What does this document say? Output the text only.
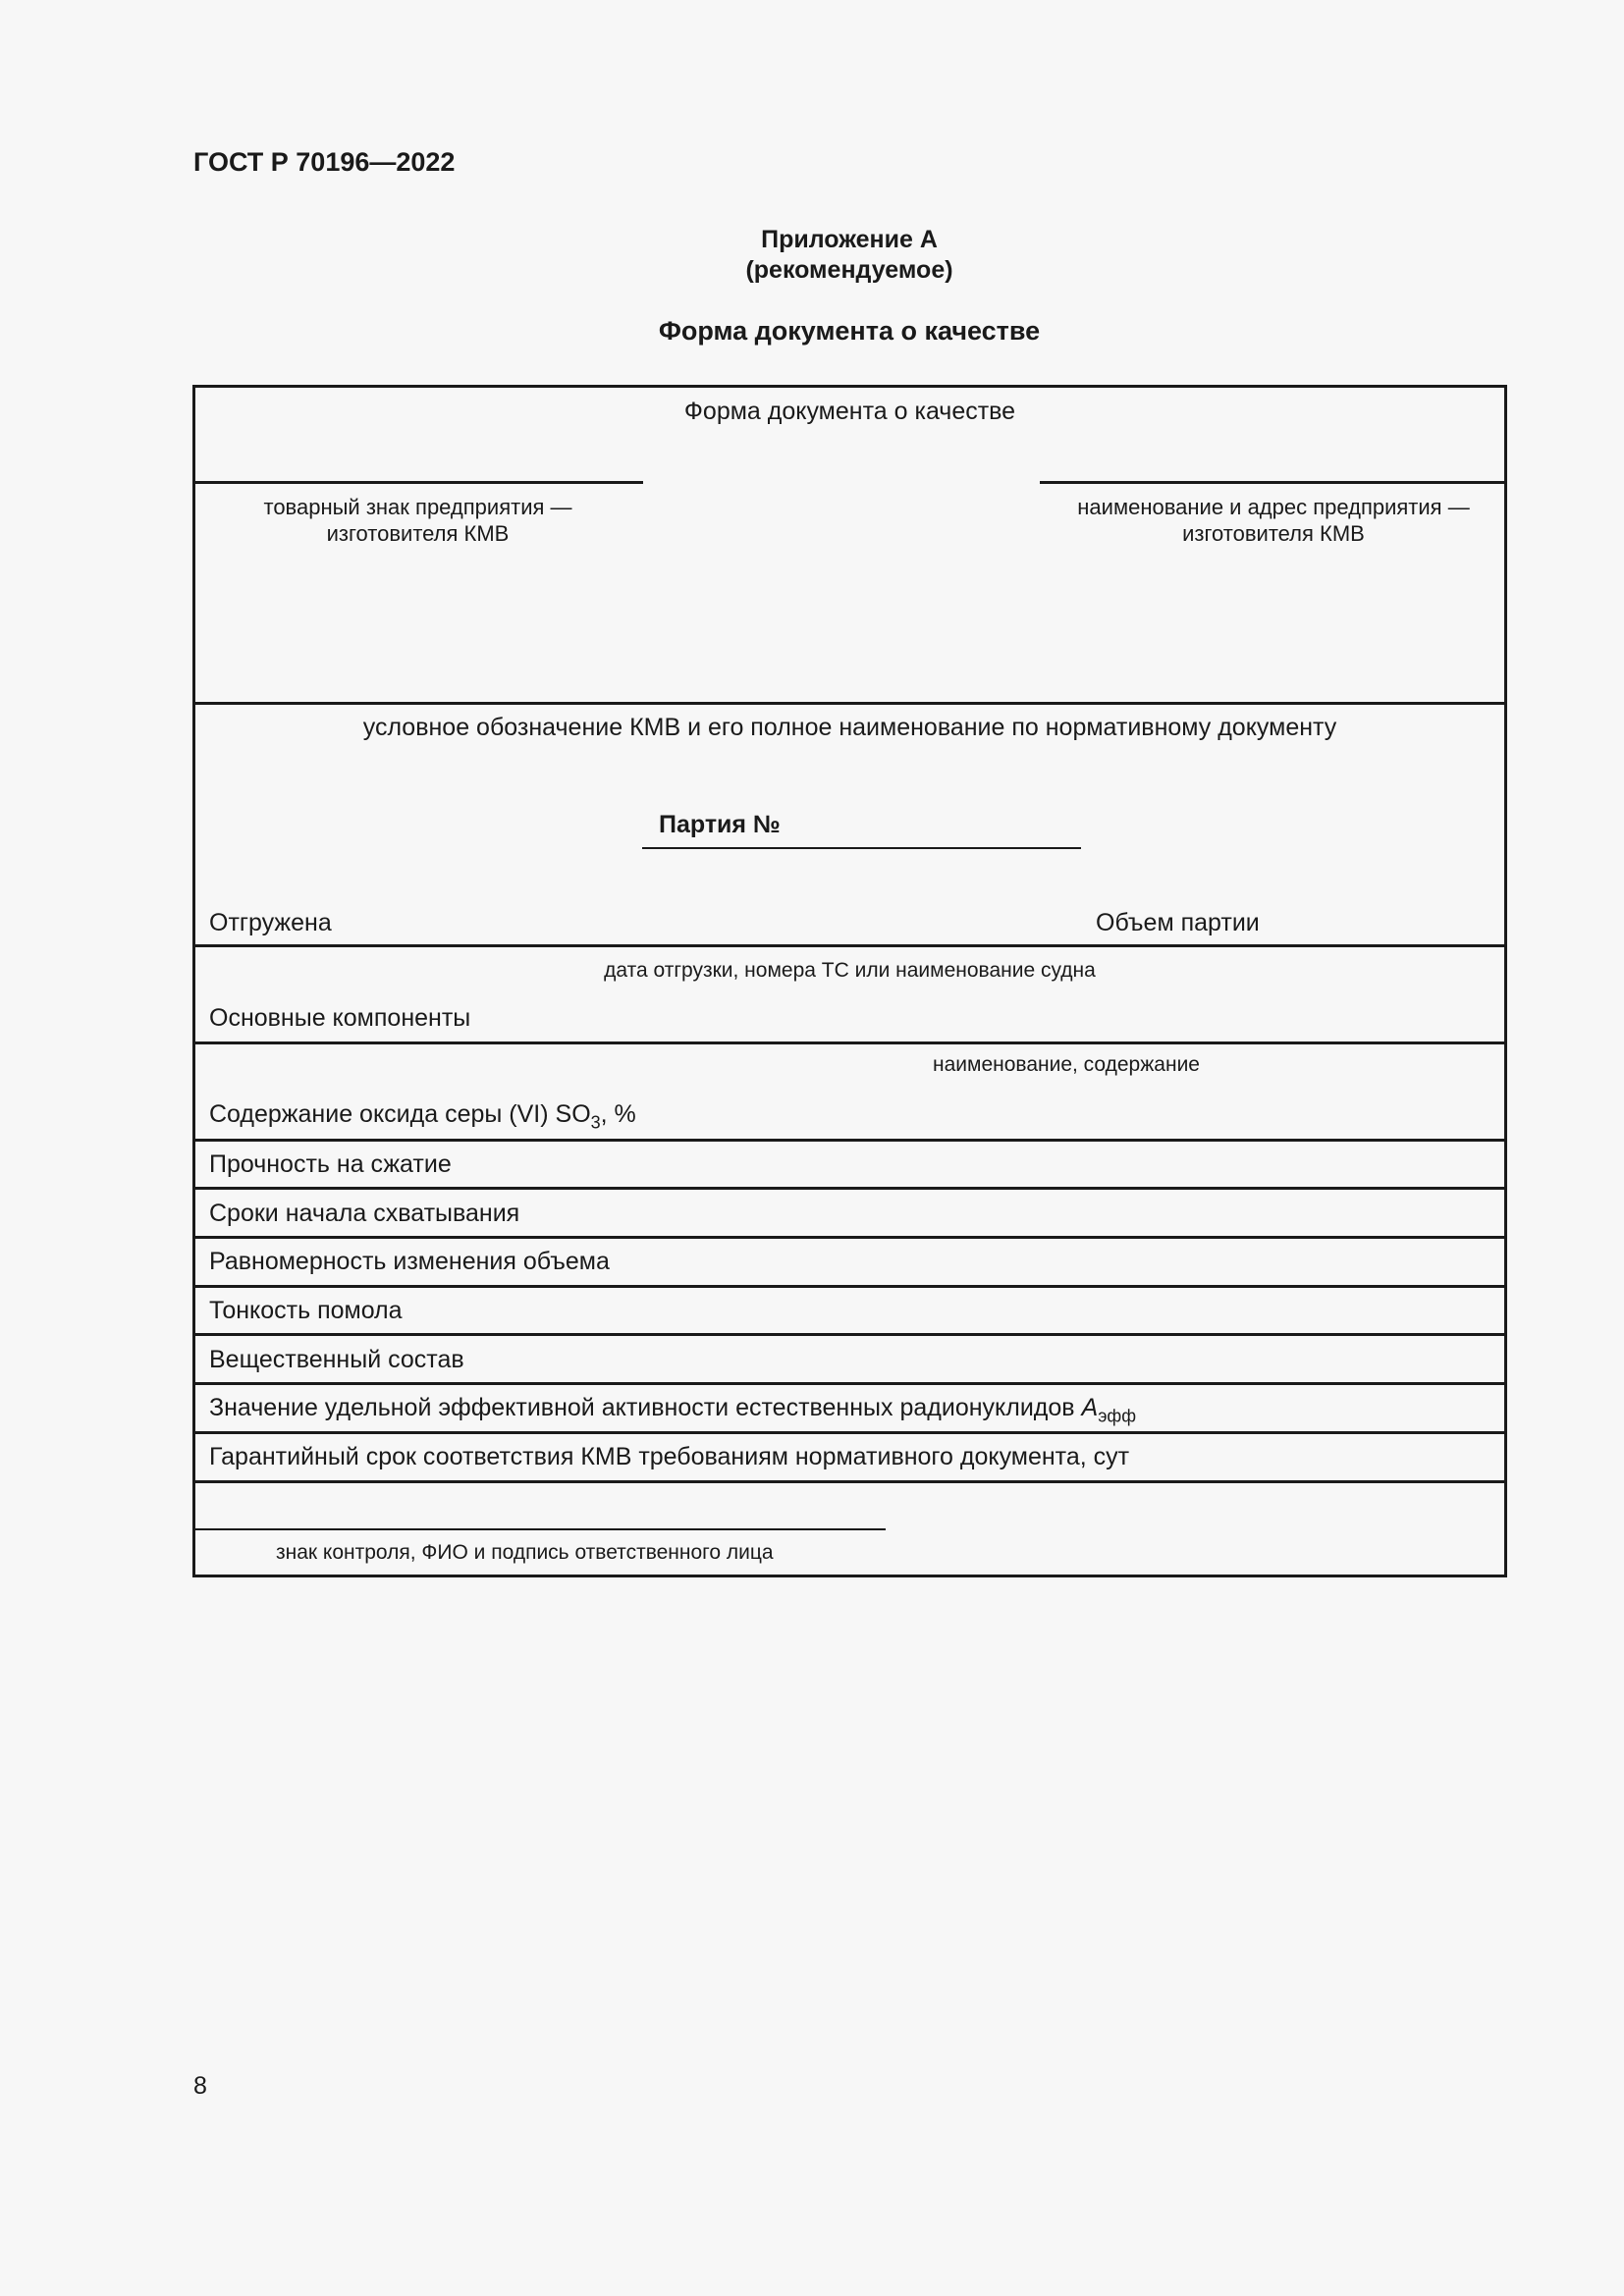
ГОСТ Р 70196—2022
Приложение А
(рекомендуемое)
Форма документа о качестве
Форма документа о качестве
товарный знак предприятия —
изготовителя КМВ
наименование и адрес предприятия —
изготовителя КМВ
условное обозначение КМВ и его полное наименование по нормативному документу
Партия №
Отгружена	Объем партии
дата отгрузки, номера ТС или наименование судна
Основные компоненты
наименование, содержание
Содержание оксида серы (VI) $SO_3$, %
Прочность на сжатие
Сроки начала схватывания
Равномерность изменения объема
Тонкость помола
Вещественный состав
Значение удельной эффективной активности естественных радионуклидов $A_{эфф}$
Гарантийный срок соответствия КМВ требованиям нормативного документа, сут
знак контроля, ФИО и подпись ответственного лица
8
